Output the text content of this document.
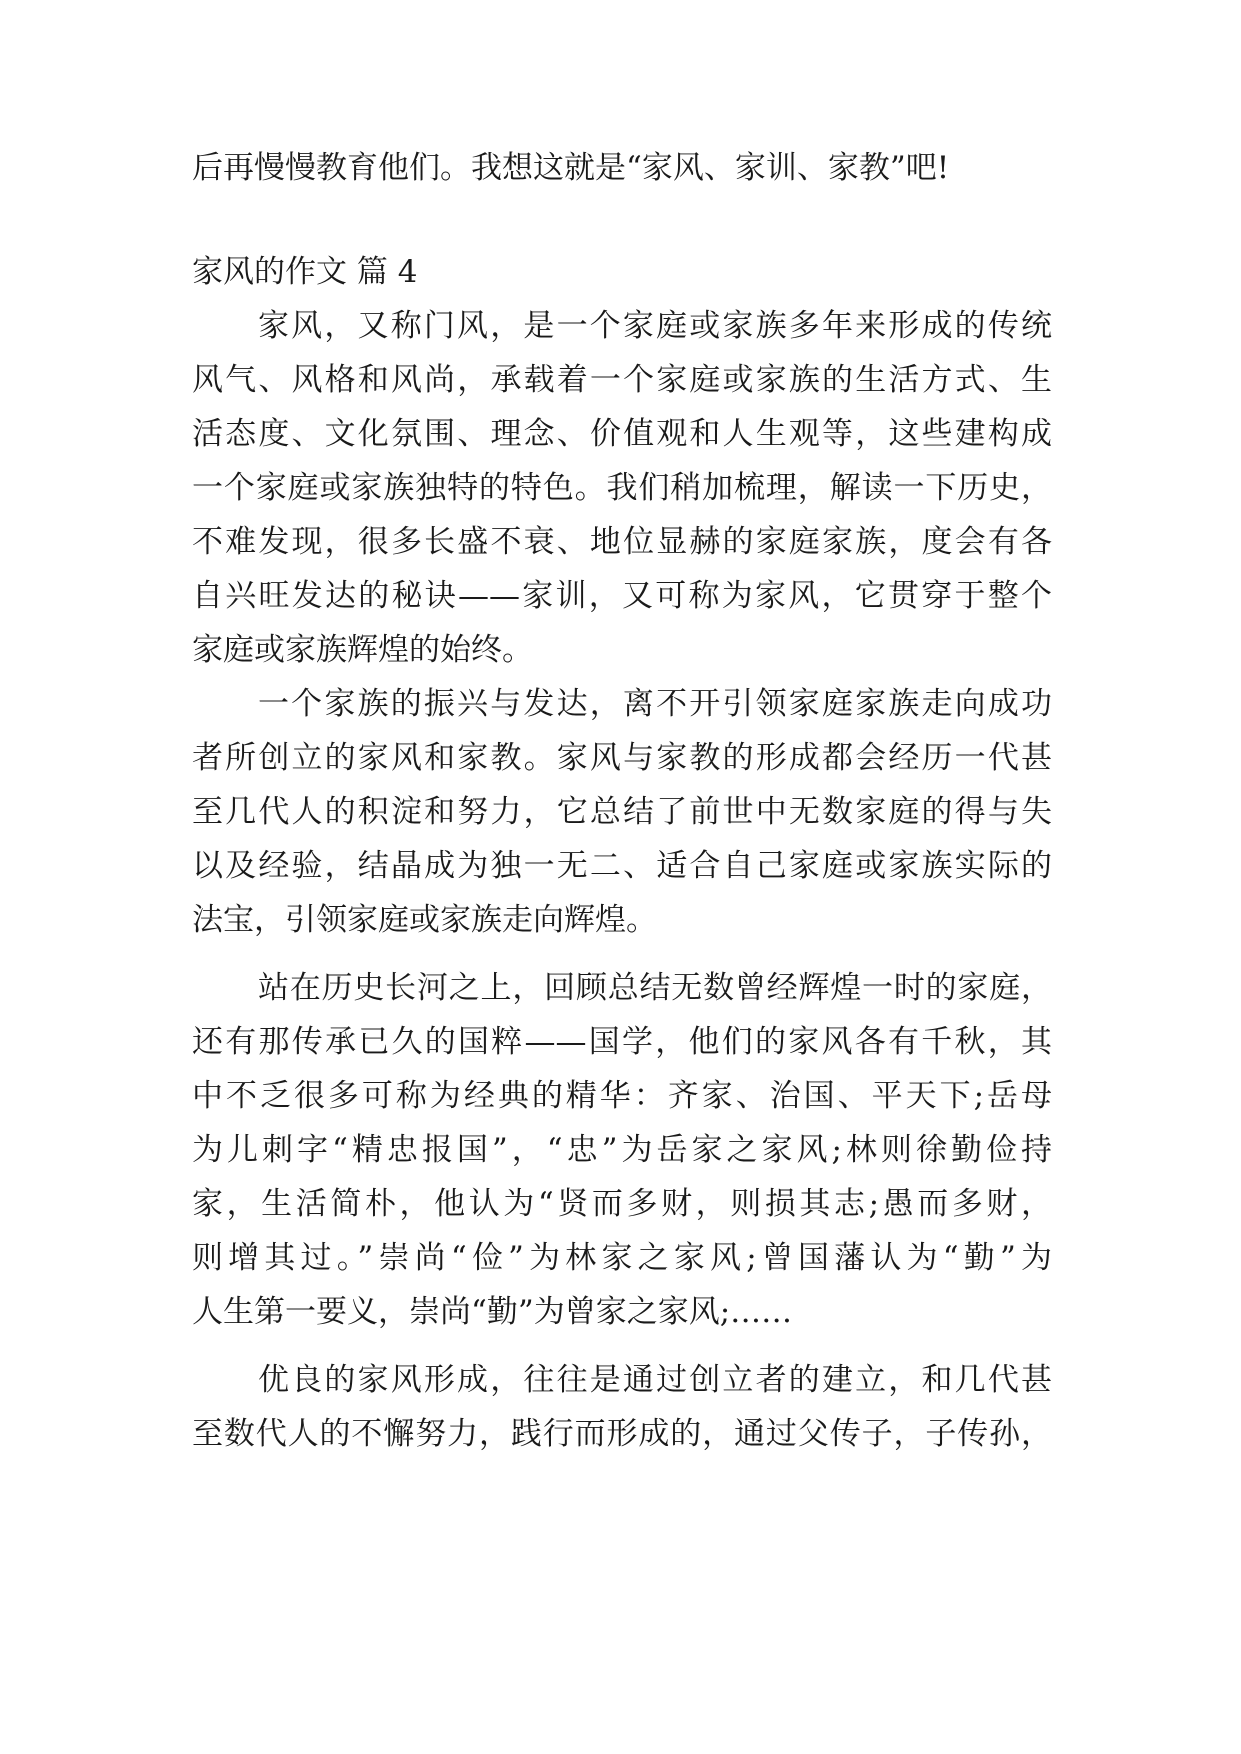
后再慢慢教育他们。我想这就是“家风、家训、家教”吧!
家风的作文 篇 4
家风，又称门风，是一个家庭或家族多年来形成的传统
风气、风格和风尚，承载着一个家庭或家族的生活方式、生
活态度、文化氛围、理念、价值观和人生观等，这些建构成
一个家庭或家族独特的特色。我们稍加梳理，解读一下历史，
不难发现，很多长盛不衰、地位显赫的家庭家族，度会有各
自兴旺发达的秘诀——家训，又可称为家风，它贯穿于整个
家庭或家族辉煌的始终。
一个家族的振兴与发达，离不开引领家庭家族走向成功
者所创立的家风和家教。家风与家教的形成都会经历一代甚
至几代人的积淀和努力，它总结了前世中无数家庭的得与失
以及经验，结晶成为独一无二、适合自己家庭或家族实际的
法宝，引领家庭或家族走向辉煌。
站在历史长河之上，回顾总结无数曾经辉煌一时的家庭，
还有那传承已久的国粹——国学，他们的家风各有千秋，其
中不乏很多可称为经典的精华：齐家、治国、平天下;岳母
为儿刺字“精忠报国”，“忠”为岳家之家风;林则徐勤俭持
家，生活简朴，他认为“贤而多财，则损其志;愚而多财，
则增其过。”崇尚“俭”为林家之家风;曾国藩认为“勤”为
人生第一要义，崇尚“勤”为曾家之家风;……
优良的家风形成，往往是通过创立者的建立，和几代甚
至数代人的不懈努力，践行而形成的，通过父传子，子传孙，
